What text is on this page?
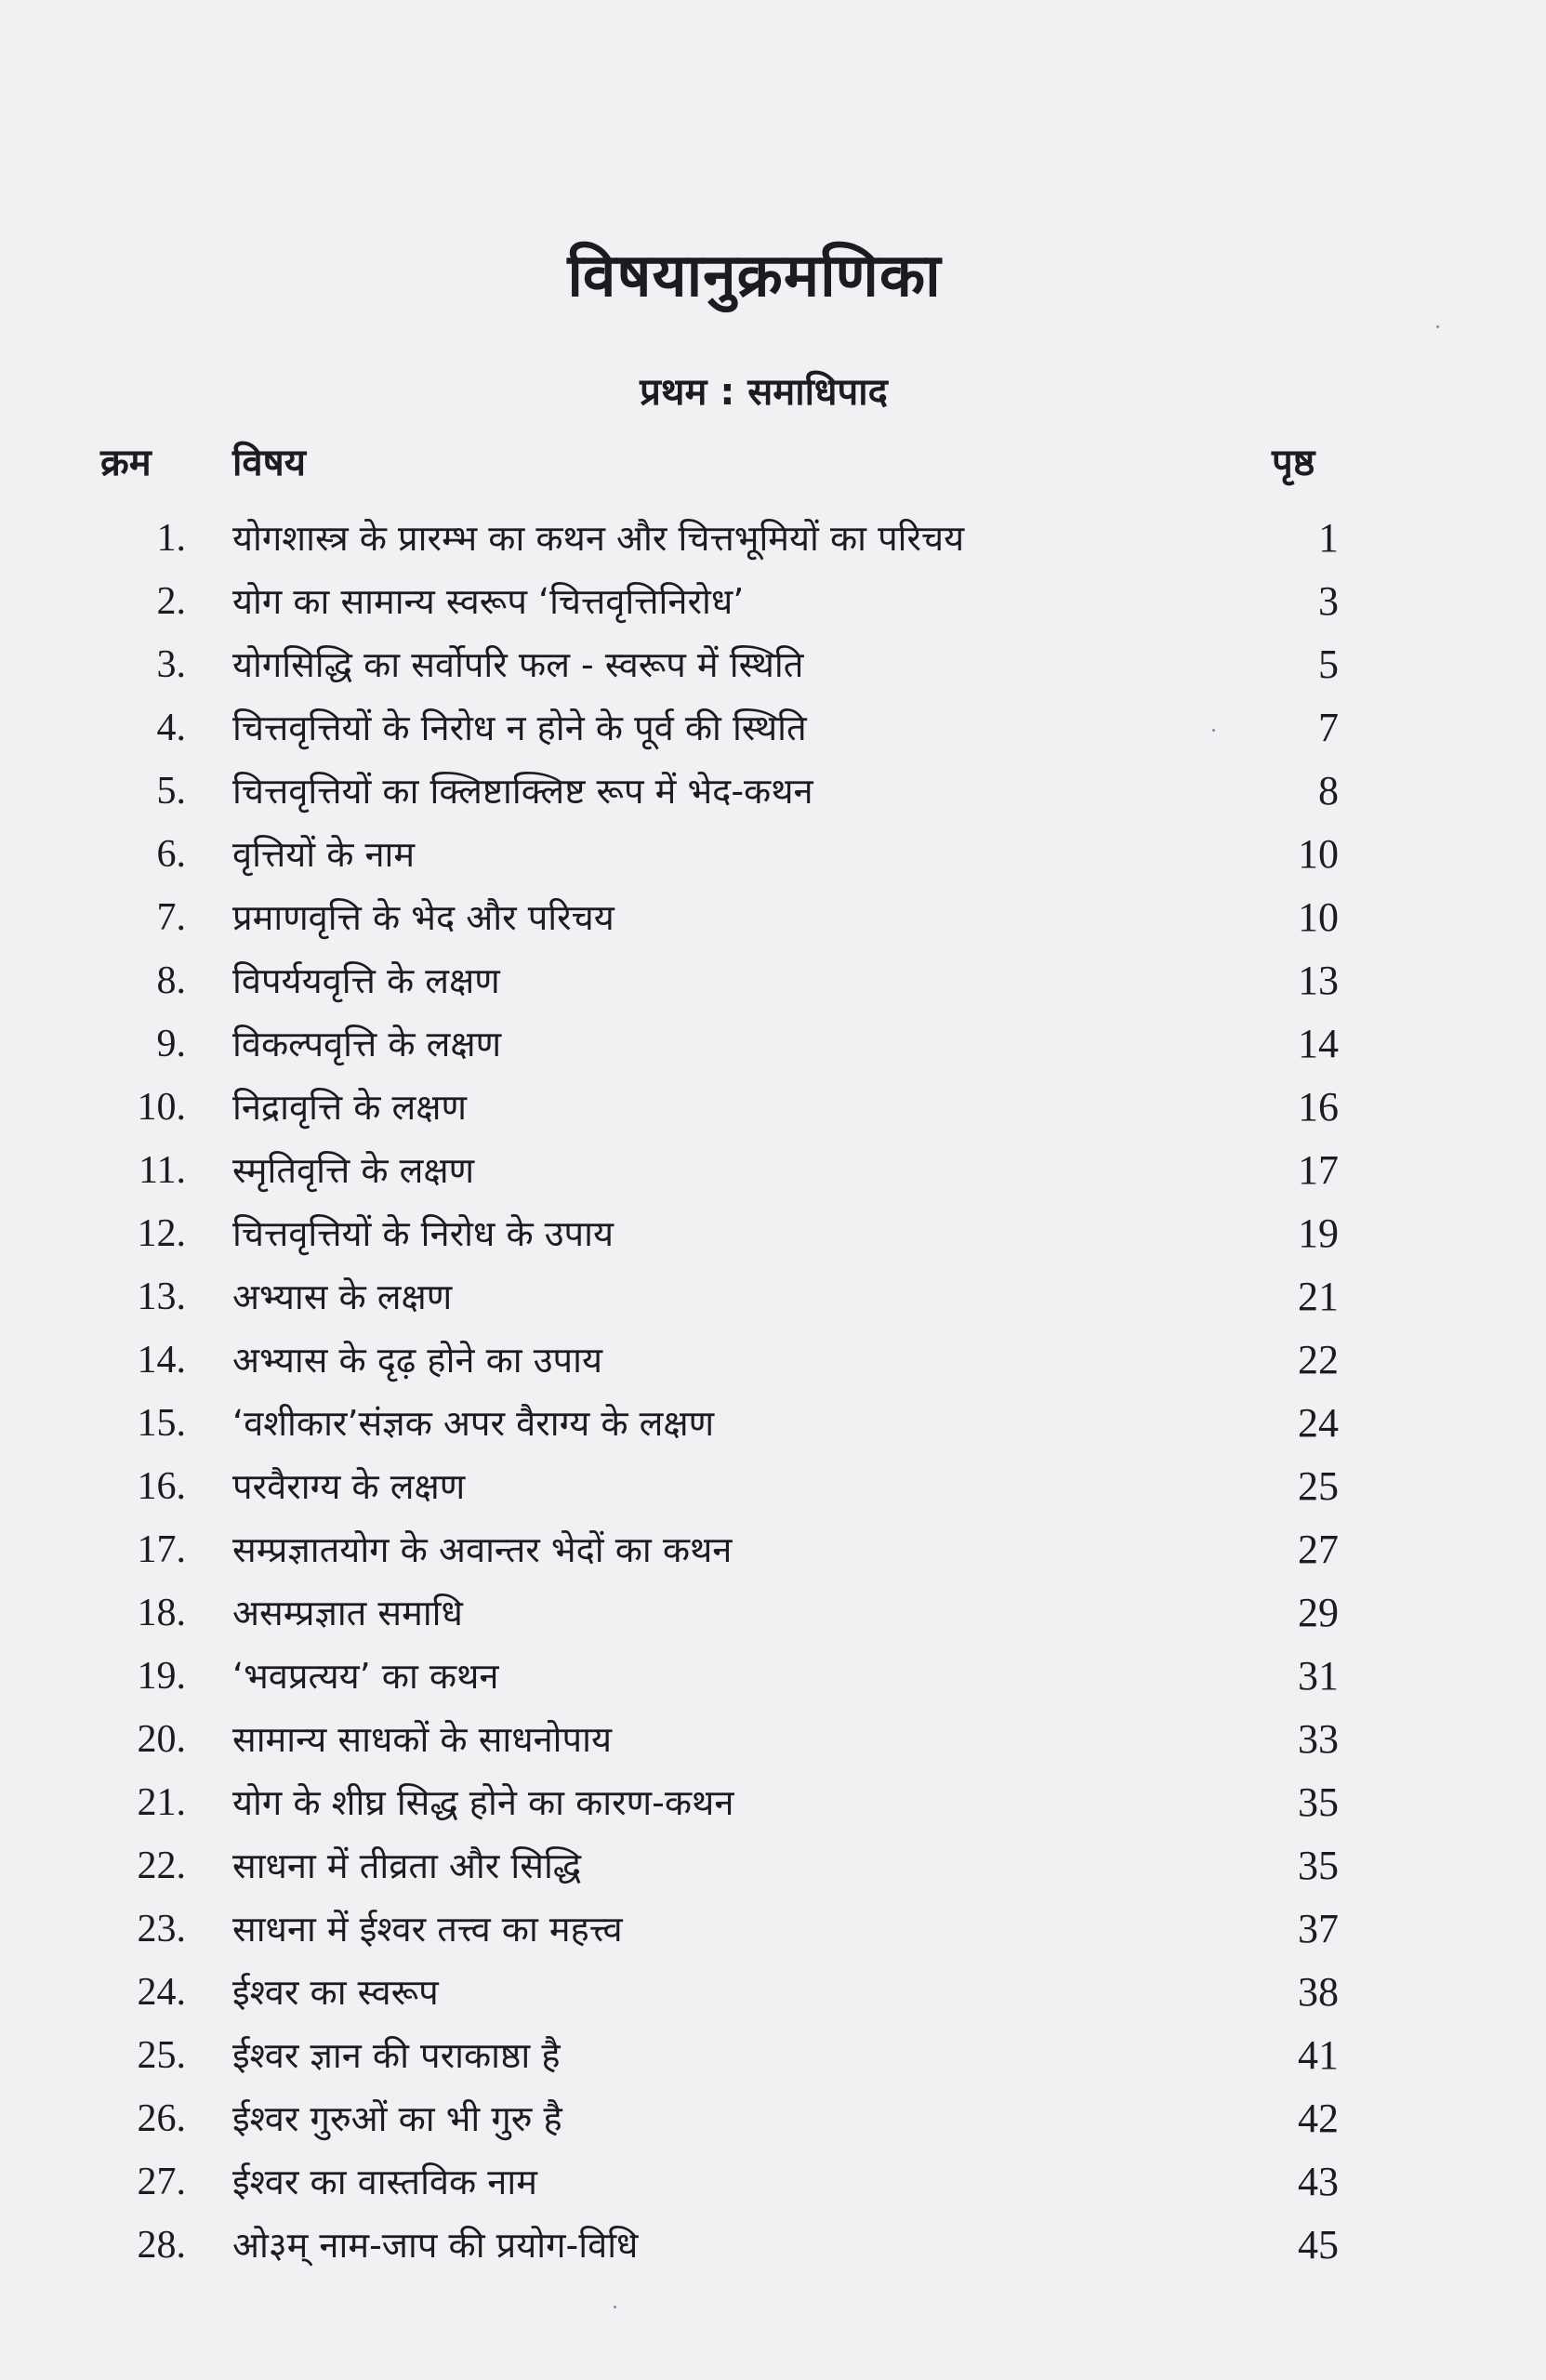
विषयानुक्रमणिका
प्रथम : समाधिपाद
क्रम विषय	पृष्ठ
1. योगशास्त्र के प्रारम्भ का कथन और चित्तभूमियों का परिचय	1
2. योग का सामान्य स्वरूप ‘चित्तवृत्तिनिरोध’	3
3. योगसिद्धि का सर्वोपरि फल - स्वरूप में स्थिति	5
4. चित्तवृत्तियों के निरोध न होने के पूर्व की स्थिति	7
5. चित्तवृत्तियों का क्लिष्टाक्लिष्ट रूप में भेद-कथन	8
6. वृत्तियों के नाम	10
7. प्रमाणवृत्ति के भेद और परिचय	10
8. विपर्ययवृत्ति के लक्षण	13
9. विकल्पवृत्ति के लक्षण	14
10. निद्रावृत्ति के लक्षण	16
11. स्मृतिवृत्ति के लक्षण	17
12. चित्तवृत्तियों के निरोध के उपाय	19
13. अभ्यास के लक्षण	21
14. अभ्यास के दृढ़ होने का उपाय	22
15. ‘वशीकार’संज्ञक अपर वैराग्य के लक्षण	24
16. परवैराग्य के लक्षण	25
17. सम्प्रज्ञातयोग के अवान्तर भेदों का कथन	27
18. असम्प्रज्ञात समाधि	29
19. ‘भवप्रत्यय’ का कथन	31
20. सामान्य साधकों के साधनोपाय	33
21. योग के शीघ्र सिद्ध होने का कारण-कथन	35
22. साधना में तीव्रता और सिद्धि	35
23. साधना में ईश्वर तत्त्व का महत्त्व	37
24. ईश्वर का स्वरूप	38
25. ईश्वर ज्ञान की पराकाष्ठा है	41
26. ईश्वर गुरुओं का भी गुरु है	42
27. ईश्वर का वास्तविक नाम	43
28. ओ३म् नाम-जाप की प्रयोग-विधि	45
